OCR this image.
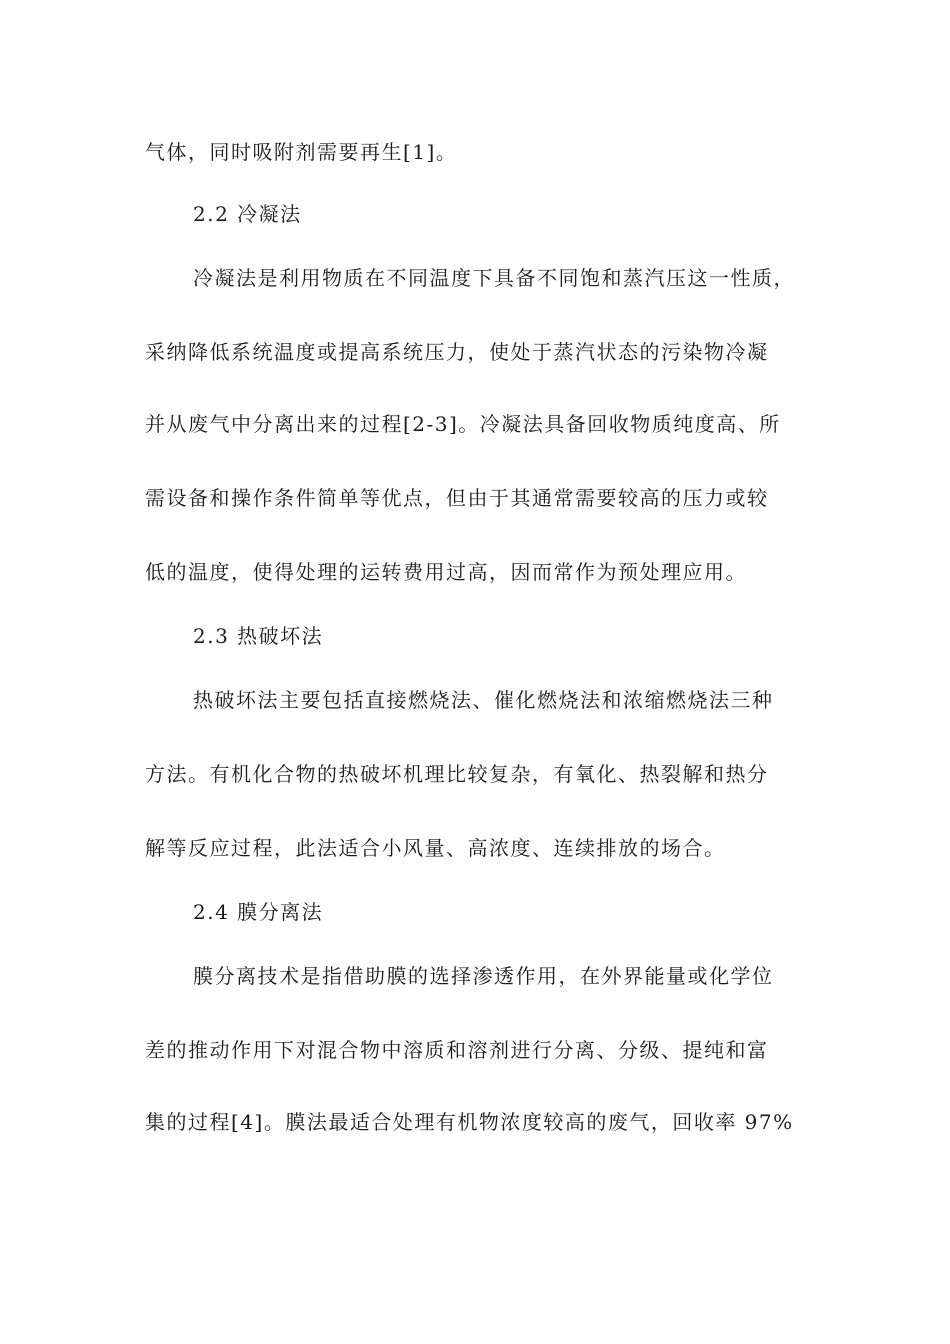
气体，同时吸附剂需要再生[1]。
2.2 冷凝法
冷凝法是利用物质在不同温度下具备不同饱和蒸汽压这一性质，
采纳降低系统温度或提高系统压力，使处于蒸汽状态的污染物冷凝
并从废气中分离出来的过程[2-3]。冷凝法具备回收物质纯度高、所
需设备和操作条件简单等优点，但由于其通常需要较高的压力或较
低的温度，使得处理的运转费用过高，因而常作为预处理应用。
2.3 热破坏法
热破坏法主要包括直接燃烧法、催化燃烧法和浓缩燃烧法三种
方法。有机化合物的热破坏机理比较复杂，有氧化、热裂解和热分
解等反应过程，此法适合小风量、高浓度、连续排放的场合。
2.4 膜分离法
膜分离技术是指借助膜的选择渗透作用，在外界能量或化学位
差的推动作用下对混合物中溶质和溶剂进行分离、分级、提纯和富
集的过程[4]。膜法最适合处理有机物浓度较高的废气，回收率 97%
